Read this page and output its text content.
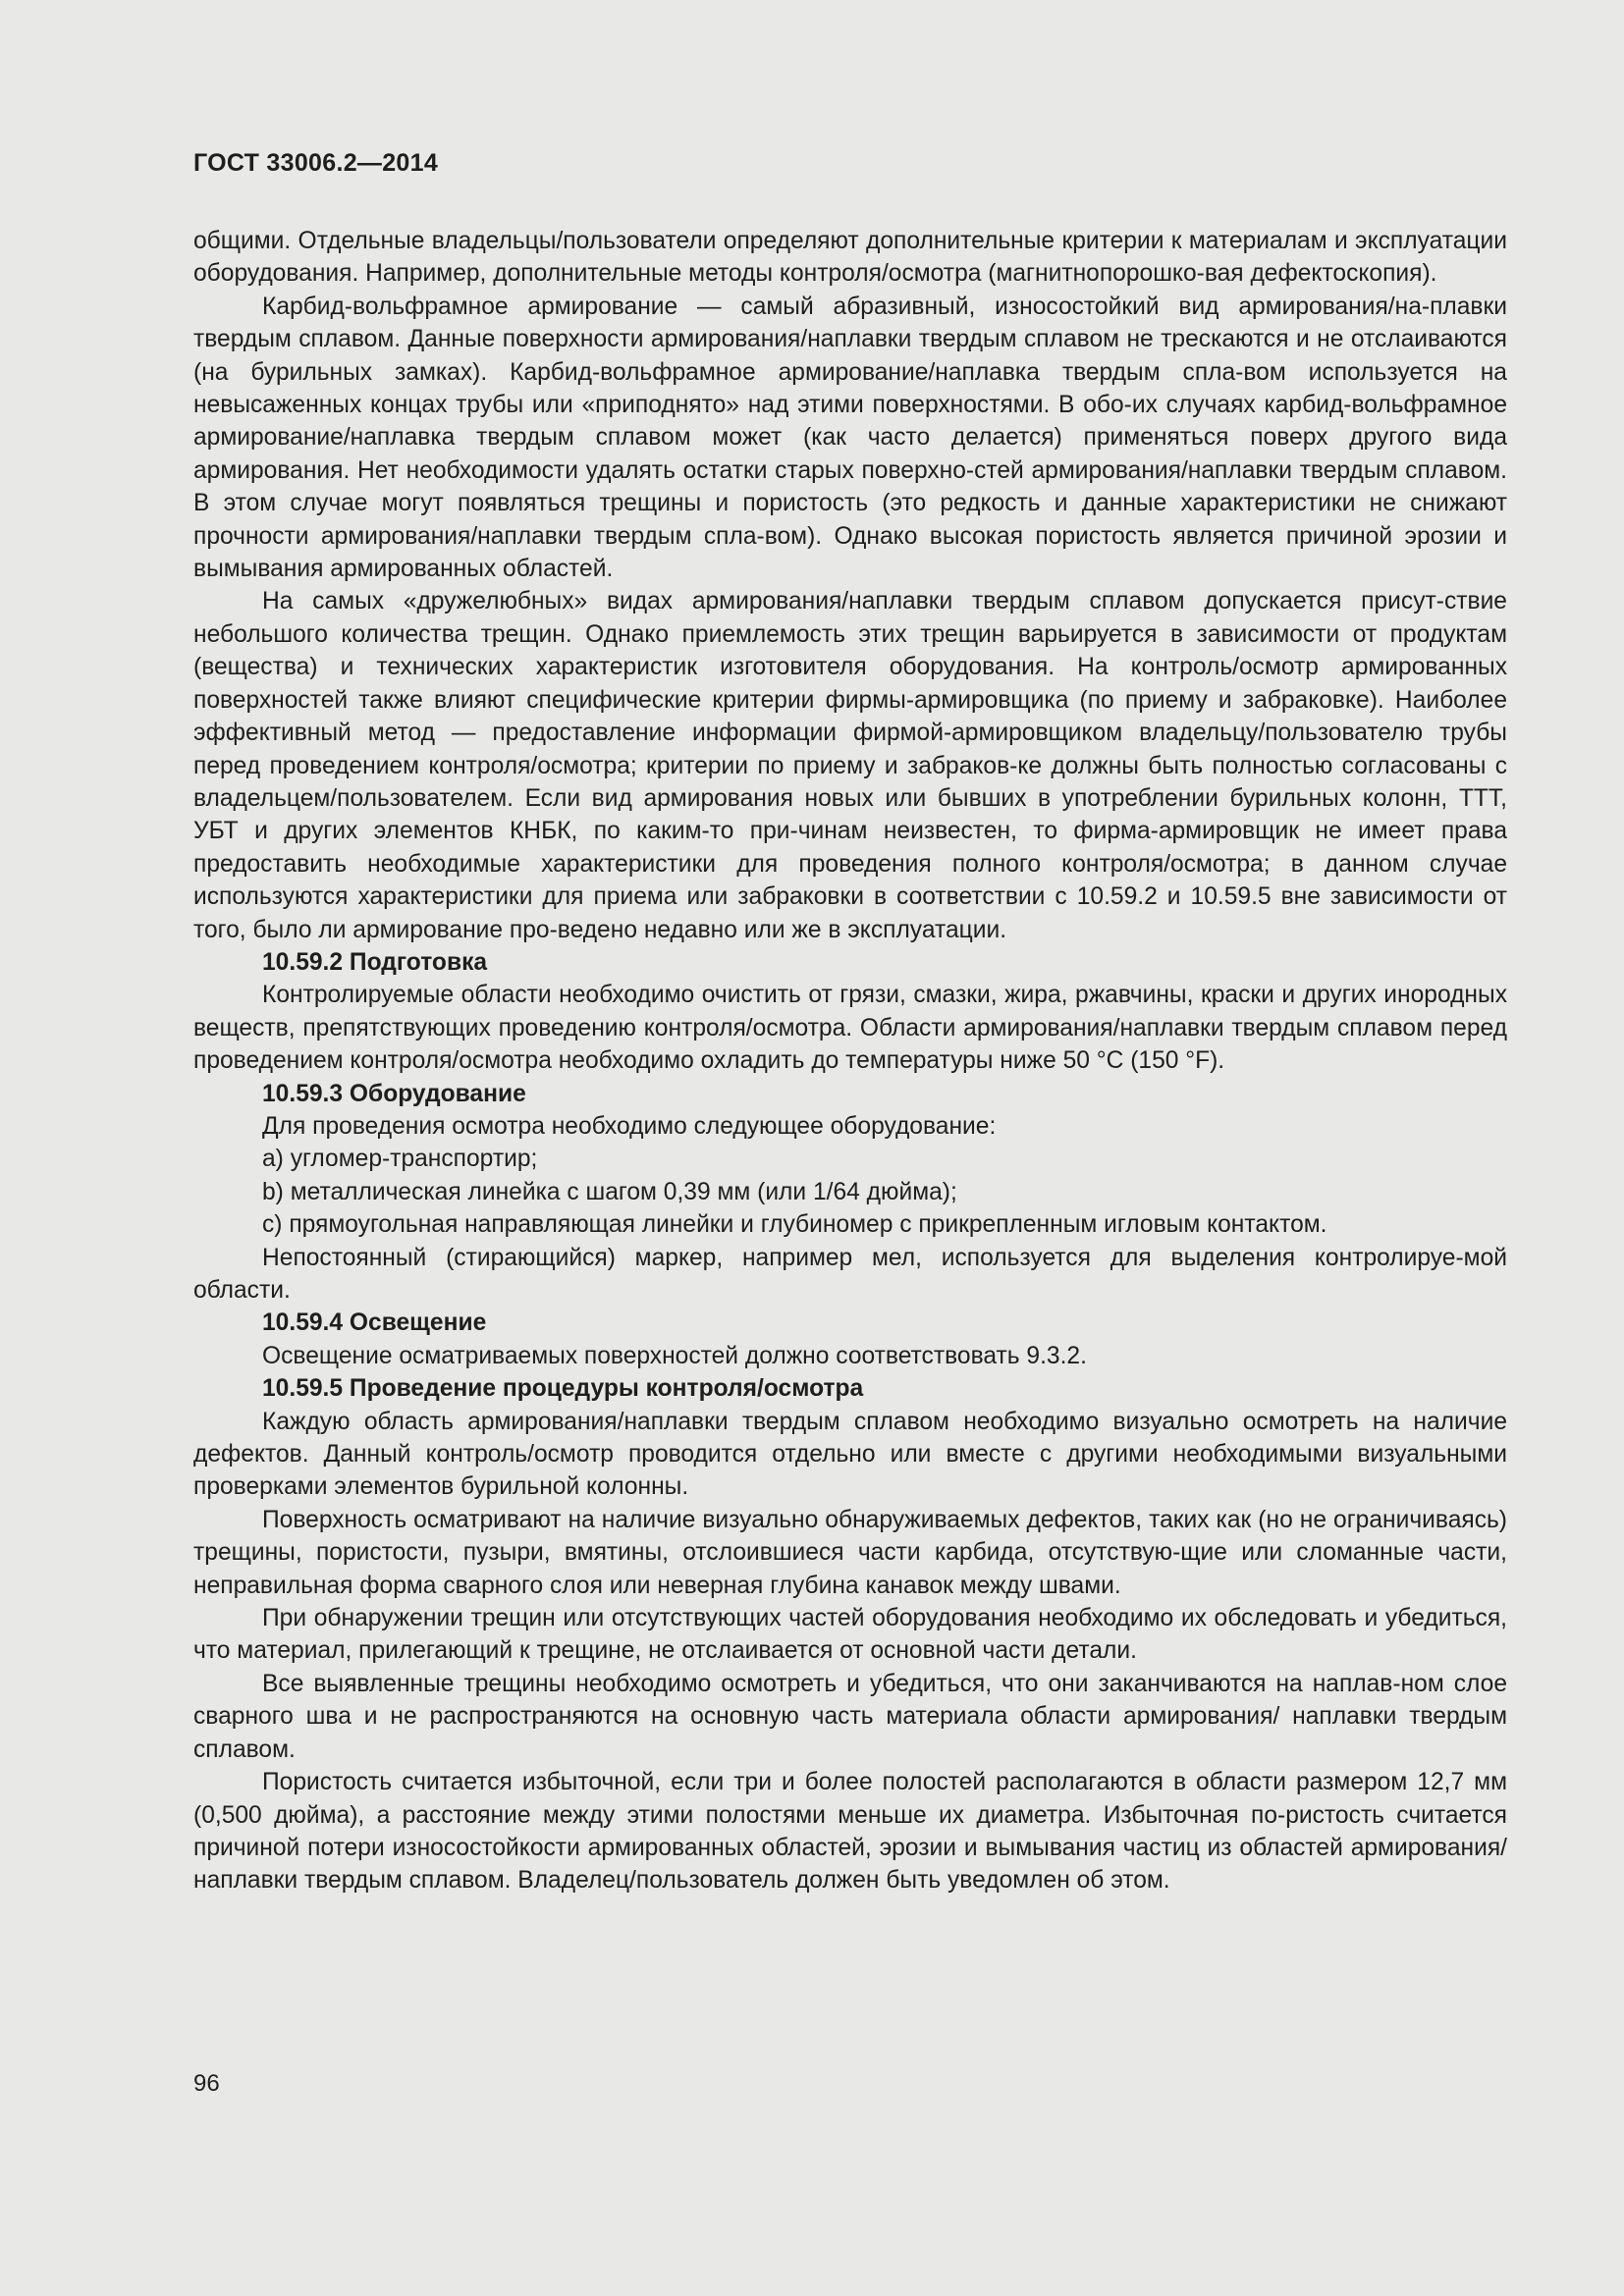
ГОСТ 33006.2—2014

общими. Отдельные владельцы/пользователи определяют дополнительные критерии к материалам и эксплуатации оборудования. Например, дополнительные методы контроля/осмотра (магнитнопорошко-вая дефектоскопия).

Карбид-вольфрамное армирование — самый абразивный, износостойкий вид армирования/на-плавки твердым сплавом. Данные поверхности армирования/наплавки твердым сплавом не трескаются и не отслаиваются (на бурильных замках). Карбид-вольфрамное армирование/наплавка твердым спла-вом используется на невысаженных концах трубы или «приподнято» над этими поверхностями. В обо-их случаях карбид-вольфрамное армирование/наплавка твердым сплавом может (как часто делается) применяться поверх другого вида армирования. Нет необходимости удалять остатки старых поверхно-стей армирования/наплавки твердым сплавом. В этом случае могут появляться трещины и пористость (это редкость и данные характеристики не снижают прочности армирования/наплавки твердым спла-вом). Однако высокая пористость является причиной эрозии и вымывания армированных областей.

На самых «дружелюбных» видах армирования/наплавки твердым сплавом допускается присут-ствие небольшого количества трещин. Однако приемлемость этих трещин варьируется в зависимости от продуктам (вещества) и технических характеристик изготовителя оборудования. На контроль/осмотр армированных поверхностей также влияют специфические критерии фирмы-армировщика (по приему и забраковке). Наиболее эффективный метод — предоставление информации фирмой-армировщиком владельцу/пользователю трубы перед проведением контроля/осмотра; критерии по приему и забраков-ке должны быть полностью согласованы с владельцем/пользователем. Если вид армирования новых или бывших в употреблении бурильных колонн, ТТТ, УБТ и других элементов КНБК, по каким-то при-чинам неизвестен, то фирма-армировщик не имеет права предоставить необходимые характеристики для проведения полного контроля/осмотра; в данном случае используются характеристики для приема или забраковки в соответствии с 10.59.2 и 10.59.5 вне зависимости от того, было ли армирование про-ведено недавно или же в эксплуатации.

10.59.2 Подготовка

Контролируемые области необходимо очистить от грязи, смазки, жира, ржавчины, краски и других инородных веществ, препятствующих проведению контроля/осмотра. Области армирования/наплавки твердым сплавом перед проведением контроля/осмотра необходимо охладить до температуры ниже 50 °C (150 °F).

10.59.3 Оборудование

Для проведения осмотра необходимо следующее оборудование:

a) угломер-транспортир;

b) металлическая линейка с шагом 0,39 мм (или 1/64 дюйма);

c) прямоугольная направляющая линейки и глубиномер с прикрепленным игловым контактом.

Непостоянный (стирающийся) маркер, например мел, используется для выделения контролируе-мой области.

10.59.4 Освещение

Освещение осматриваемых поверхностей должно соответствовать 9.3.2.

10.59.5 Проведение процедуры контроля/осмотра

Каждую область армирования/наплавки твердым сплавом необходимо визуально осмотреть на наличие дефектов. Данный контроль/осмотр проводится отдельно или вместе с другими необходимыми визуальными проверками элементов бурильной колонны.

Поверхность осматривают на наличие визуально обнаруживаемых дефектов, таких как (но не ограничиваясь) трещины, пористости, пузыри, вмятины, отслоившиеся части карбида, отсутствую-щие или сломанные части, неправильная форма сварного слоя или неверная глубина канавок между швами.

При обнаружении трещин или отсутствующих частей оборудования необходимо их обследовать и убедиться, что материал, прилегающий к трещине, не отслаивается от основной части детали.

Все выявленные трещины необходимо осмотреть и убедиться, что они заканчиваются на наплав-ном слое сварного шва и не распространяются на основную часть материала области армирования/ наплавки твердым сплавом.

Пористость считается избыточной, если три и более полостей располагаются в области размером 12,7 мм (0,500 дюйма), а расстояние между этими полостями меньше их диаметра. Избыточная по-ристость считается причиной потери износостойкости армированных областей, эрозии и вымывания частиц из областей армирования/наплавки твердым сплавом. Владелец/пользователь должен быть уведомлен об этом.

96
